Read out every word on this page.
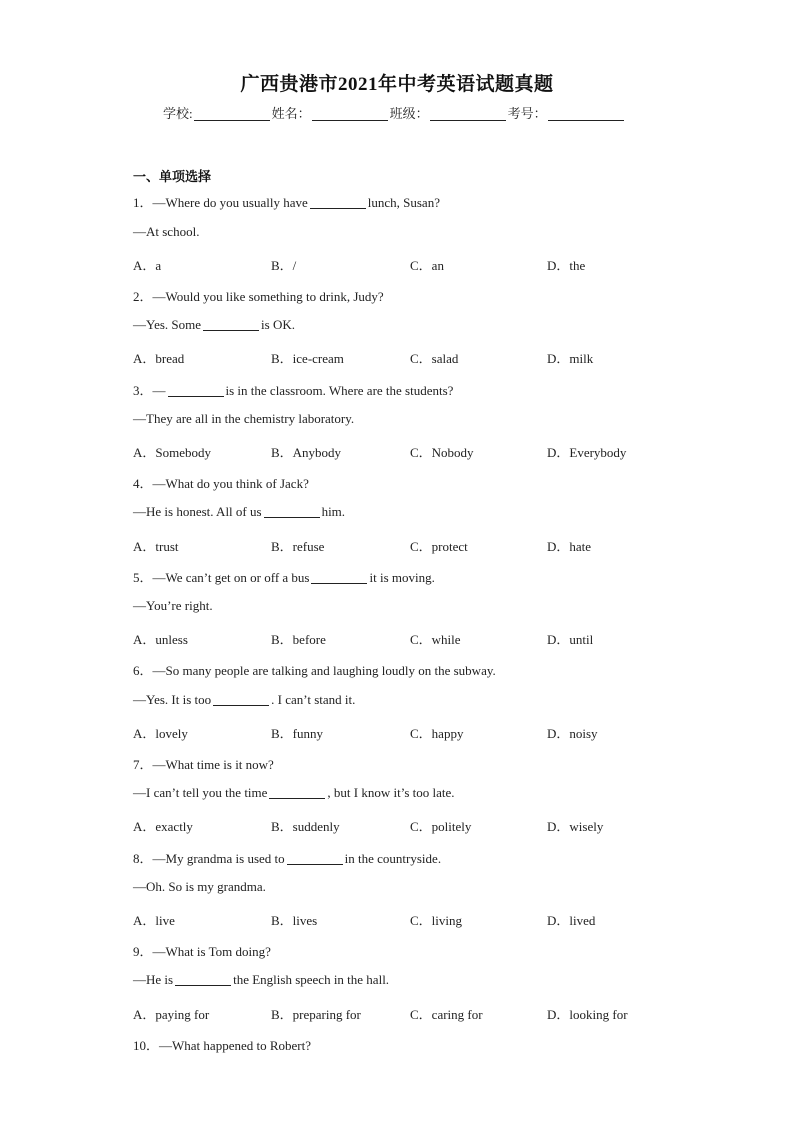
广西贵港市2021年中考英语试题真题
学校:	姓名：	班级：	考号：
一、单项选择
1．—Where do you usually have	lunch, Susan?
—At school.
A．a	B．/	C．an	D．the
2．—Would you like something to drink, Judy?
—Yes. Some	is OK.
A．bread	B．ice-cream	C．salad	D．milk
3．—	is in the classroom. Where are the students?
—They are all in the chemistry laboratory.
A．Somebody	B．Anybody	C．Nobody	D．Everybody
4．—What do you think of Jack?
—He is honest. All of us	him.
A．trust	B．refuse	C．protect	D．hate
5．—We can’t get on or off a bus	it is moving.
—You’re right.
A．unless	B．before	C．while	D．until
6．—So many people are talking and laughing loudly on the subway.
—Yes. It is too	. I can’t stand it.
A．lovely	B．funny	C．happy	D．noisy
7．—What time is it now?
—I can’t tell you the time	, but I know it’s too late.
A．exactly	B．suddenly	C．politely	D．wisely
8．—My grandma is used to	in the countryside.
—Oh. So is my grandma.
A．live	B．lives	C．living	D．lived
9．—What is Tom doing?
—He is	the English speech in the hall.
A．paying for	B．preparing for	C．caring for	D．looking for
10．—What happened to Robert?
